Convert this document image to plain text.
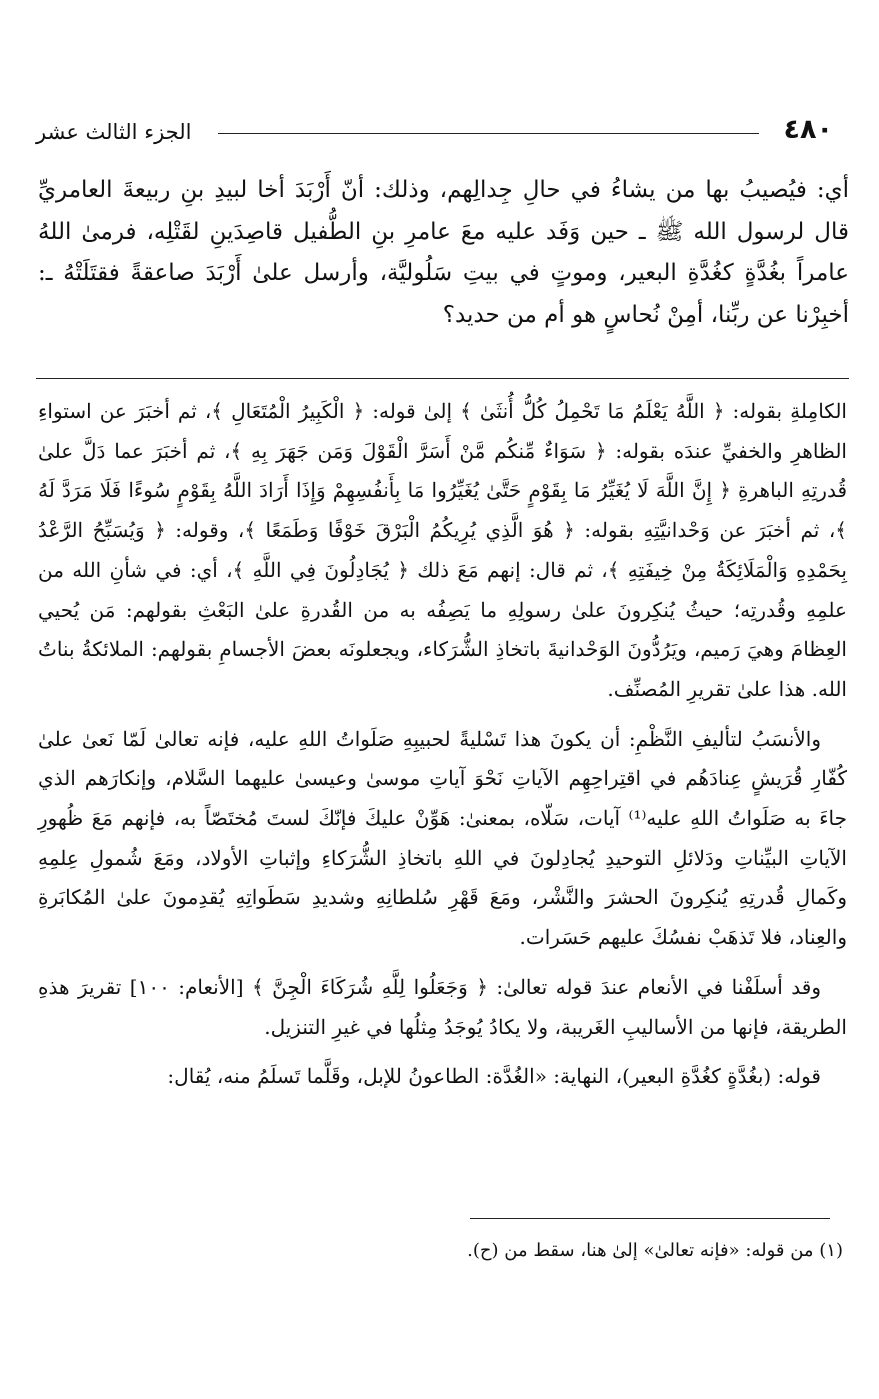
٤٨٠
الجزء الثالث عشر

أي: فيُصيبُ بها من يشاءُ في حالِ جِدالِهم، وذلك: أنّ أَرْبَدَ أخا لبيدِ بنِ ربيعةَ العامريِّ قال لرسول الله ﷺ ـ حين وَفَد عليه معَ عامرِ بنِ الطُّفيل قاصِدَينِ لقَتْلِه، فرمىٰ اللهُ عامراً بغُدَّةٍ كغُدَّةِ البعير، وموتٍ في بيتِ سَلُوليَّة، وأرسل علىٰ أَرْبَدَ صاعقةً فقتَلَتْهُ ـ: أخبِرْنا عن ربِّنا، أمِنْ نُحاسٍ هو أم من حديد؟

الكامِلةِ بقوله: ﴿ اللَّهُ يَعْلَمُ مَا تَحْمِلُ كُلُّ أُنثَىٰ ﴾ إلىٰ قوله: ﴿ الْكَبِيرُ الْمُتَعَالِ ﴾، ثم أخبَرَ عن استواءِ الظاهرِ والخفيِّ عندَه بقوله: ﴿ سَوَاءٌ مِّنكُم مَّنْ أَسَرَّ الْقَوْلَ وَمَن جَهَرَ بِهِ ﴾، ثم أخبَرَ عما دَلَّ علىٰ قُدرتِهِ الباهرةِ ﴿ إِنَّ اللَّهَ لَا يُغَيِّرُ مَا بِقَوْمٍ حَتَّىٰ يُغَيِّرُوا مَا بِأَنفُسِهِمْ وَإِذَا أَرَادَ اللَّهُ بِقَوْمٍ سُوءًا فَلَا مَرَدَّ لَهُ ﴾، ثم أخبَرَ عن وَحْدانيَّتِهِ بقوله: ﴿ هُوَ الَّذِي يُرِيكُمُ الْبَرْقَ خَوْفًا وَطَمَعًا ﴾، وقوله: ﴿ وَيُسَبِّحُ الرَّعْدُ بِحَمْدِهِ وَالْمَلَائِكَةُ مِنْ خِيفَتِهِ ﴾، ثم قال: إنهم مَعَ ذلك ﴿ يُجَادِلُونَ فِي اللَّهِ ﴾، أي: في شأنِ الله من علمِهِ وقُدرتِه؛ حيثُ يُنكِرونَ علىٰ رسولِهِ ما يَصِفُه به من القُدرةِ علىٰ البَعْثِ بقولهم: مَن يُحيي العِظامَ وهيَ رَميم، ويَرُدُّونَ الوَحْدانيةَ باتخاذِ الشُّرَكاء، ويجعلونَه بعضَ الأجسامِ بقولهم: الملائكةُ بناتُ الله. هذا علىٰ تقريرِ المُصنِّف.

والأنسَبُ لتأليفِ النَّظْمِ: أن يكونَ هذا تَسْليةً لحبيبِهِ صَلَواتُ اللهِ عليه، فإنه تعالىٰ لَمّا نَعىٰ علىٰ كُفّارِ قُرَيشٍ عِنادَهُم في اقتِراحِهِم الآياتِ نَحْوَ آياتِ موسىٰ وعيسىٰ عليهما السَّلام، وإنكارَهم الذي جاءَ به صَلَواتُ اللهِ عليه⁽¹⁾ آيات، سَلّاه، بمعنىٰ: هَوِّنْ عليكَ فإنّكَ لستَ مُختَصّاً به، فإنهم مَعَ ظُهورِ الآياتِ البيِّناتِ ودَلائلِ التوحيدِ يُجادِلونَ في اللهِ باتخاذِ الشُّرَكاءِ وإثباتِ الأولاد، ومَعَ شُمولِ عِلمِهِ وكَمالِ قُدرتِهِ يُنكِرونَ الحشرَ والنَّشْر، ومَعَ قَهْرِ سُلطانِهِ وشديدِ سَطَواتِهِ يُقدِمونَ علىٰ المُكابَرةِ والعِناد، فلا تَذهَبْ نفسُكَ عليهم حَسَرات.

وقد أسلَفْنا في الأنعام عندَ قوله تعالىٰ: ﴿ وَجَعَلُوا لِلَّهِ شُرَكَاءَ الْجِنَّ ﴾ [الأنعام: ١٠٠] تقريرَ هذهِ الطريقة، فإنها من الأساليبِ الغَريبة، ولا يكادُ يُوجَدُ مِثلُها في غيرِ التنزيل.

قوله: (بغُدَّةٍ كغُدَّةِ البعير)، النهاية: «الغُدَّة: الطاعونُ للإبل، وقَلَّما تَسلَمُ منه، يُقال:

(١) من قوله: «فإنه تعالىٰ» إلىٰ هنا، سقط من (ح).
